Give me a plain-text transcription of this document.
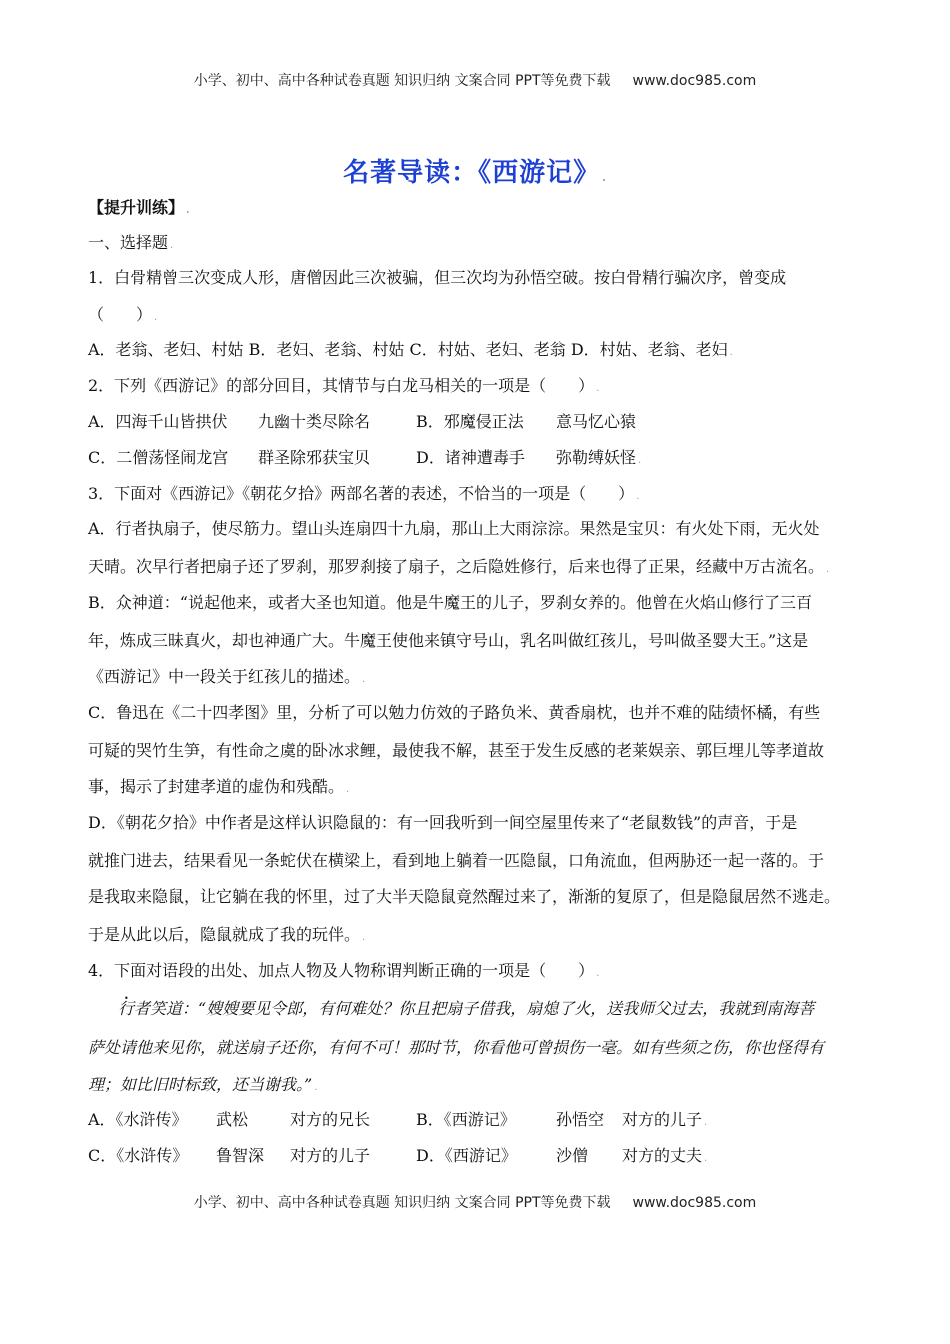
小学、初中、高中各种试卷真题 知识归纳 文案合同 PPT等免费下载 www.doc985.com
名著导读：《西游记》 .
【提升训练】 .
一、选择题 .
1．白骨精曾三次变成人形，唐僧因此三次被骗，但三次均为孙悟空破。按白骨精行骗次序，曾变成
（　　） .
A．老翁、老妇、村姑 B．老妇、老翁、村姑 C．村姑、老妇、老翁 D．村姑、老翁、老妇 .
2．下列《西游记》的部分回目，其情节与白龙马相关的一项是（　　） .
A．四海千山皆拱伏 九幽十类尽除名	B．邪魔侵正法 意马忆心猿
C．二僧荡怪闹龙宫 群圣除邪获宝贝	D．诸神遭毒手 弥勒缚妖怪 .
3．下面对《西游记》《朝花夕拾》两部名著的表述，不恰当的一项是（　　） .
A．行者执扇子，使尽筋力。望山头连扇四十九扇，那山上大雨淙淙。果然是宝贝：有火处下雨，无火处
天晴。次早行者把扇子还了罗刹，那罗刹接了扇子，之后隐姓修行，后来也得了正果，经藏中万古流名。 .
B．众神道：“说起他来，或者大圣也知道。他是牛魔王的儿子，罗刹女养的。他曾在火焰山修行了三百
年，炼成三昧真火，却也神通广大。牛魔王使他来镇守号山，乳名叫做红孩儿，号叫做圣婴大王。”这是
《西游记》中一段关于红孩儿的描述。 .
C．鲁迅在《二十四孝图》里，分析了可以勉力仿效的子路负米、黄香扇枕，也并不难的陆绩怀橘，有些
可疑的哭竹生笋，有性命之虞的卧冰求鲤，最使我不解，甚至于发生反感的老莱娱亲、郭巨埋儿等孝道故
事，揭示了封建孝道的虚伪和残酷。 .
D．《朝花夕拾》中作者是这样认识隐鼠的：有一回我听到一间空屋里传来了“老鼠数钱”的声音，于是
就推门进去，结果看见一条蛇伏在横梁上，看到地上躺着一匹隐鼠，口角流血，但两胁还一起一落的。于
是我取来隐鼠，让它躺在我的怀里，过了大半天隐鼠竟然醒过来了，渐渐的复原了，但是隐鼠居然不逃走。
于是从此以后，隐鼠就成了我的玩伴。 .
4．下面对语段的出处、加点人物及人物称谓判断正确的一项是（　　） .
行者笑道：“嫂嫂要见令郎，有何难处？你且把扇子借我，扇熄了火，送我师父过去，我就到南海菩
萨处请他来见你，就送扇子还你，有何不可！那时节，你看他可曾损伤一毫。如有些须之伤，你也怪得有
理；如比旧时标致，还当谢我。” .
A．《水浒传》 武松	对方的兄长	B．《西游记》	孙悟空 对方的儿子 .
C．《水浒传》 鲁智深 对方的儿子	D．《西游记》 沙僧 对方的丈夫 .
小学、初中、高中各种试卷真题 知识归纳 文案合同 PPT等免费下载 www.doc985.com
